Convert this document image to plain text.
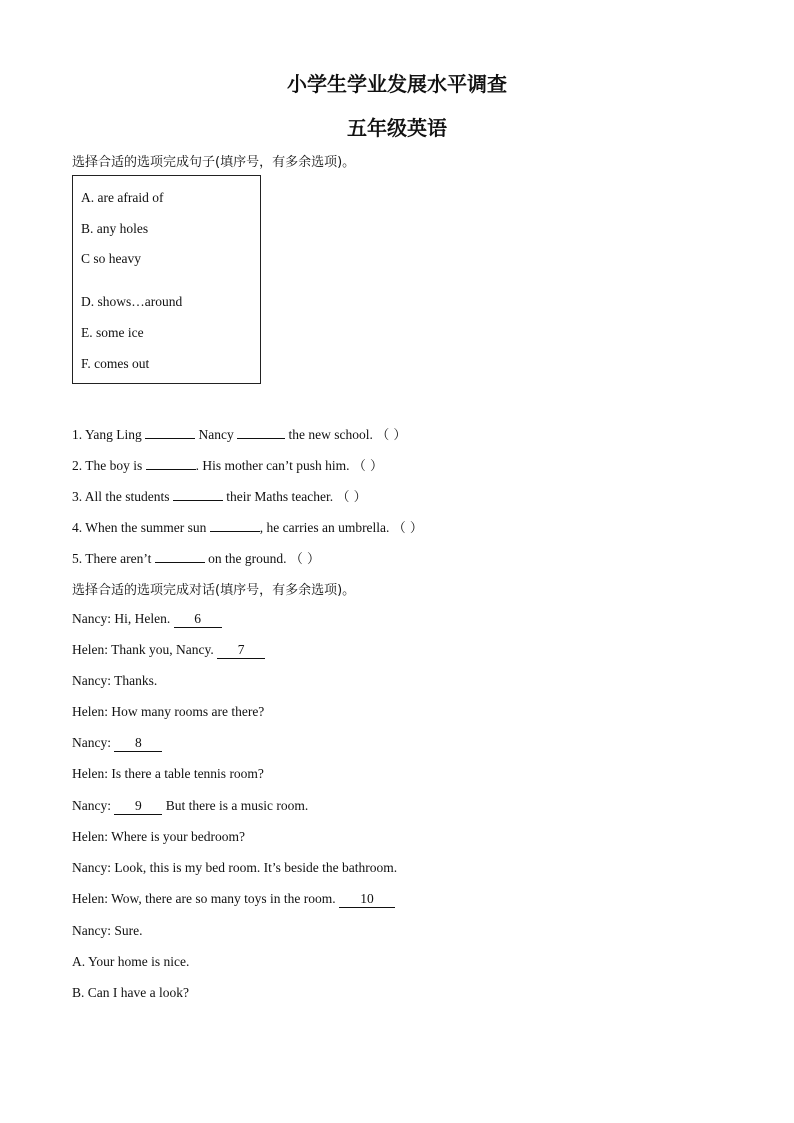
小学生学业发展水平调查
五年级英语
选择合适的选项完成句子(填序号，有多余选项)。
A. are afraid of
B. any holes
C so heavy
D. shows…around
E. some ice
F. comes out
1. Yang Ling	Nancy	the new school. （ ）
2. The boy is	. His mother can’t push him. （ ）
3. All the students	their Maths teacher. （ ）
4. When the summer sun	, he carries an umbrella. （ ）
5. There aren’t	on the ground. （ ）
选择合适的选项完成对话(填序号，有多余选项)。
Nancy: Hi, Helen. 6
Helen: Thank you, Nancy. 7
Nancy: Thanks.
Helen: How many rooms are there?
Nancy: 8
Helen: Is there a table tennis room?
Nancy: 9 But there is a music room.
Helen: Where is your bedroom?
Nancy: Look, this is my bed room. It’s beside the bathroom.
Helen: Wow, there are so many toys in the room. 10
Nancy: Sure.
A. Your home is nice.
B. Can I have a look?
